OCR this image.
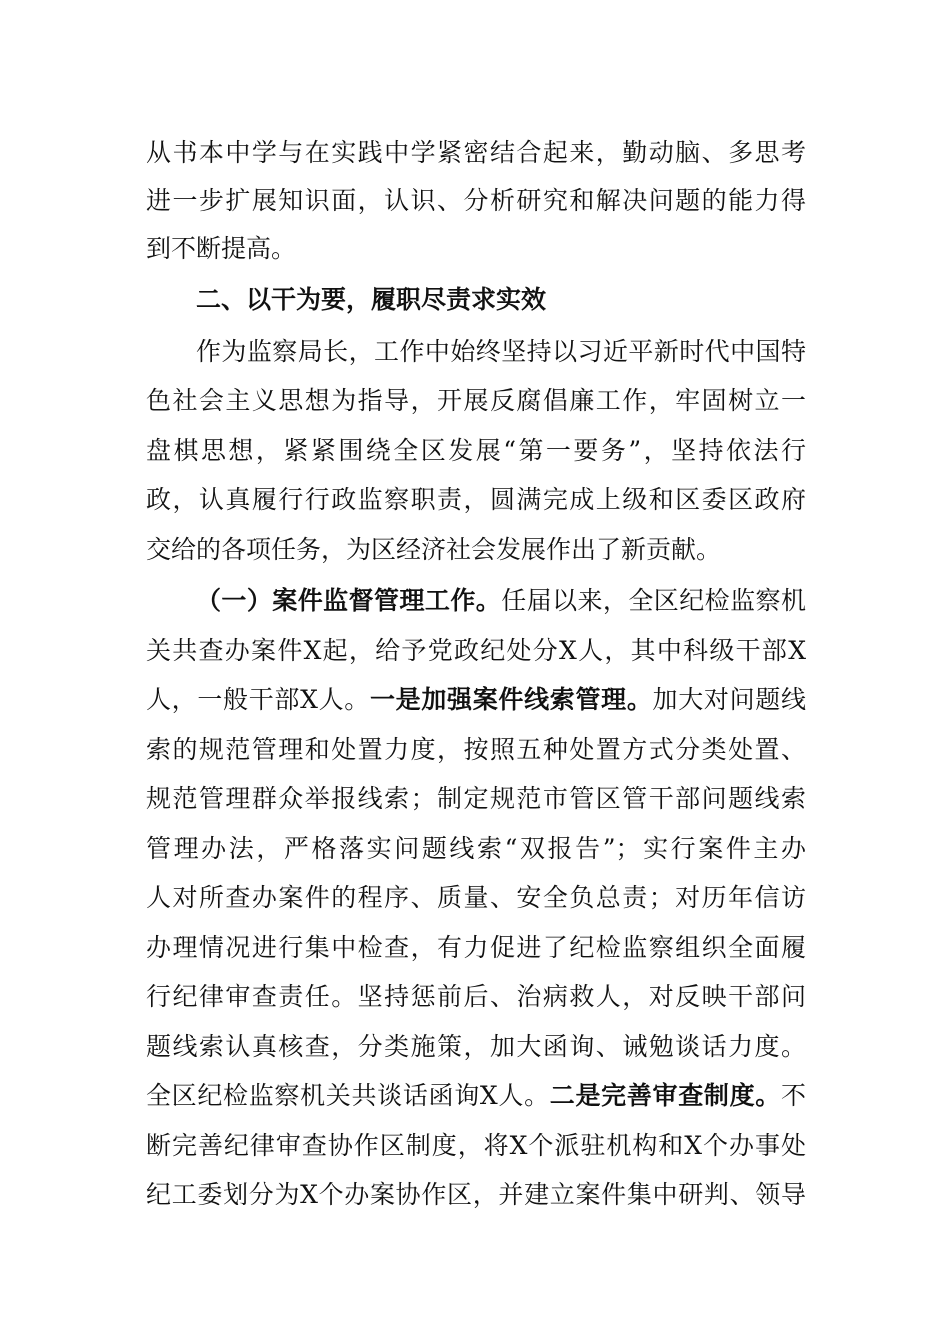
从书本中学与在实践中学紧密结合起来，勤动脑、多思考
进一步扩展知识面，认识、分析研究和解决问题的能力得
到不断提高。
二、以干为要，履职尽责求实效
作为监察局长，工作中始终坚持以习近平新时代中国特
色社会主义思想为指导，开展反腐倡廉工作，牢固树立一
盘棋思想，紧紧围绕全区发展“第一要务”，坚持依法行
政，认真履行行政监察职责，圆满完成上级和区委区政府
交给的各项任务，为区经济社会发展作出了新贡献。
（一）案件监督管理工作。任届以来，全区纪检监察机
关共查办案件X起，给予党政纪处分X人，其中科级干部X
人，一般干部X人。一是加强案件线索管理。加大对问题线
索的规范管理和处置力度，按照五种处置方式分类处置、
规范管理群众举报线索；制定规范市管区管干部问题线索
管理办法，严格落实问题线索“双报告”；实行案件主办
人对所查办案件的程序、质量、安全负总责；对历年信访
办理情况进行集中检查，有力促进了纪检监察组织全面履
行纪律审查责任。坚持惩前后、治病救人，对反映干部问
题线索认真核查，分类施策，加大函询、诫勉谈话力度。
全区纪检监察机关共谈话函询X人。二是完善审查制度。不
断完善纪律审查协作区制度，将X个派驻机构和X个办事处
纪工委划分为X个办案协作区，并建立案件集中研判、领导
